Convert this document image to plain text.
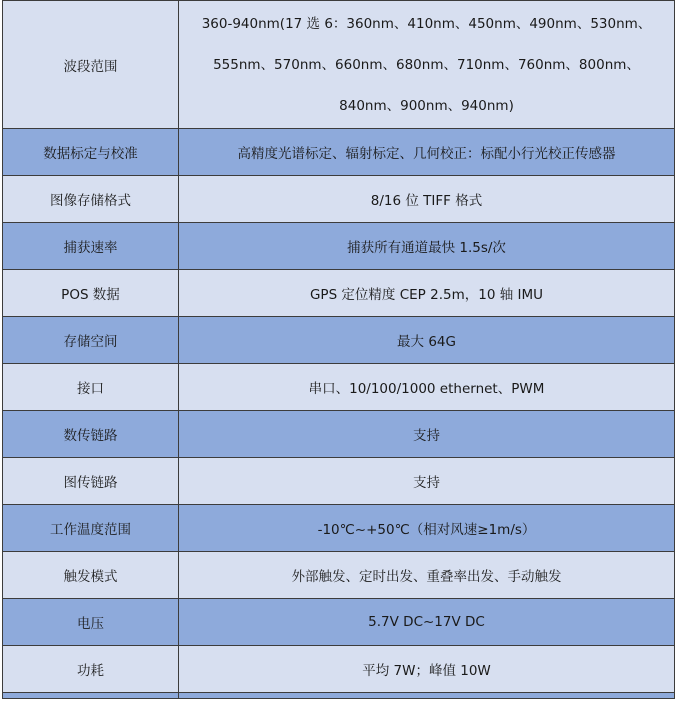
波段范围	360-940nm(17 选 6：360nm、410nm、450nm、490nm、530nm、
555nm、570nm、660nm、680nm、710nm、760nm、800nm、
840nm、900nm、940nm)
数据标定与校准	高精度光谱标定、辐射标定、几何校正：标配小行光校正传感器
图像存储格式	8/16 位 TIFF 格式
捕获速率	捕获所有通道最快 1.5s/次
POS 数据	GPS 定位精度 CEP 2.5m，10 轴 IMU
存储空间	最大 64G
接口	串口、10/100/1000 ethernet、PWM
数传链路	支持
图传链路	支持
工作温度范围	-10℃~+50℃（相对风速≥1m/s）
触发模式	外部触发、定时出发、重叠率出发、手动触发
电压	5.7V DC~17V DC
功耗	平均 7W；峰值 10W
